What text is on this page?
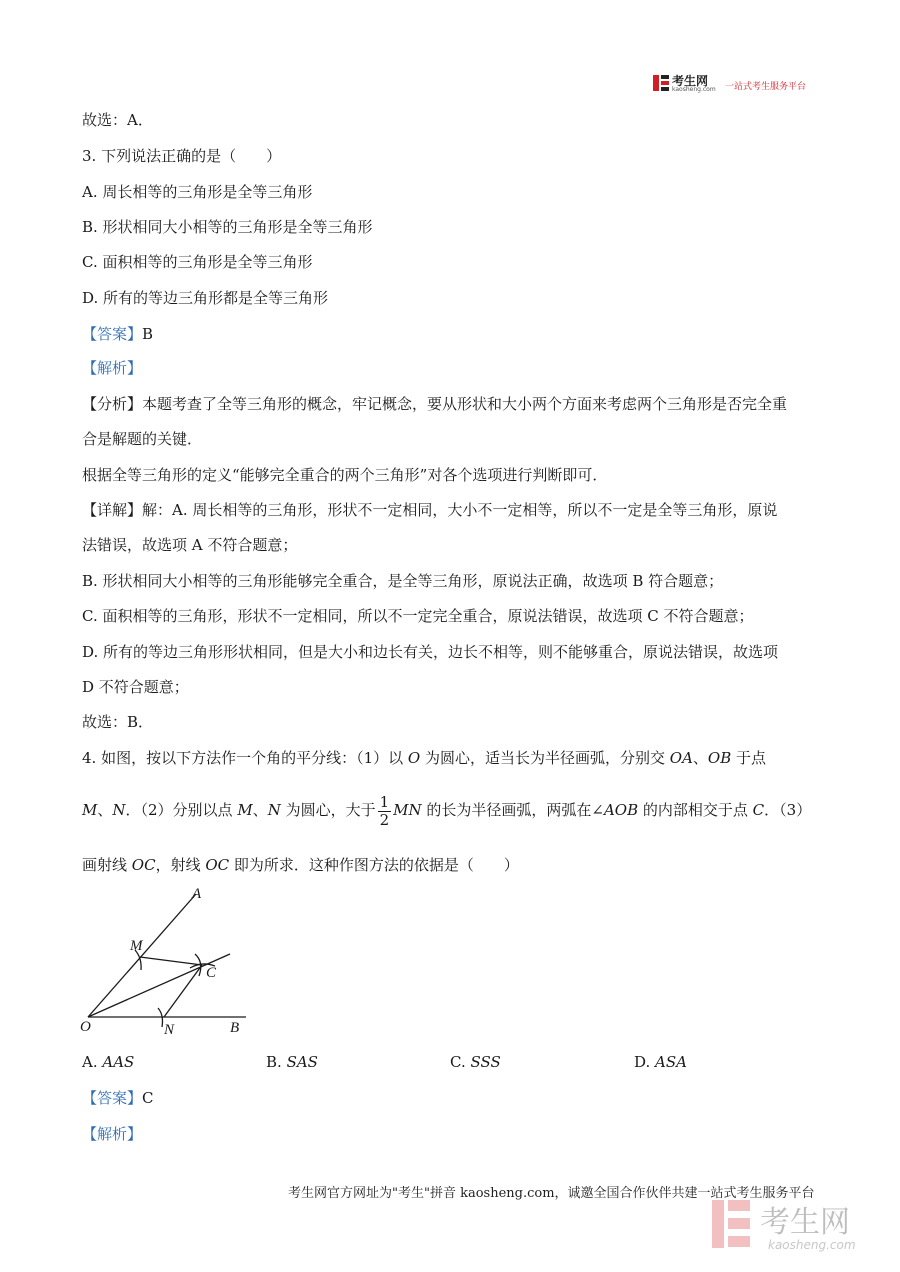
考生网
kaosheng.com 一站式考生服务平台
故选：A．
3. 下列说法正确的是（　　）
A. 周长相等的三角形是全等三角形
B. 形状相同大小相等的三角形是全等三角形
C. 面积相等的三角形是全等三角形
D. 所有的等边三角形都是全等三角形
【答案】B
【解析】
【分析】本题考查了全等三角形的概念，牢记概念，要从形状和大小两个方面来考虑两个三角形是否完全重
合是解题的关键．
根据全等三角形的定义“能够完全重合的两个三角形”对各个选项进行判断即可．
【详解】解：A. 周长相等的三角形，形状不一定相同，大小不一定相等，所以不一定是全等三角形，原说
法错误，故选项 A 不符合题意；
B. 形状相同大小相等的三角形能够完全重合，是全等三角形，原说法正确，故选项 B 符合题意；
C. 面积相等的三角形，形状不一定相同，所以不一定完全重合，原说法错误，故选项 C 不符合题意；
D. 所有的等边三角形形状相同，但是大小和边长有关，边长不相等，则不能够重合，原说法错误，故选项
D 不符合题意；
故选：B．
4. 如图，按以下方法作一个角的平分线：（1）以 O 为圆心，适当长为半径画弧，分别交 OA、OB 于点
M、N．（2）分别以点 M、N 为圆心，大于 $\frac{1}{2}$ MN 的长为半径画弧，两弧在∠AOB 的内部相交于点 C．（3）
画射线 OC，射线 OC 即为所求．这种作图方法的依据是（　　）
A
M
C
O	N	B
A. AAS	B. SAS	C. SSS	D. ASA
【答案】C
【解析】
考生网官方网址为"考生"拼音 kaosheng.com，诚邀全国合作伙伴共建一站式考生服务平台
考生网
kaosheng.com
